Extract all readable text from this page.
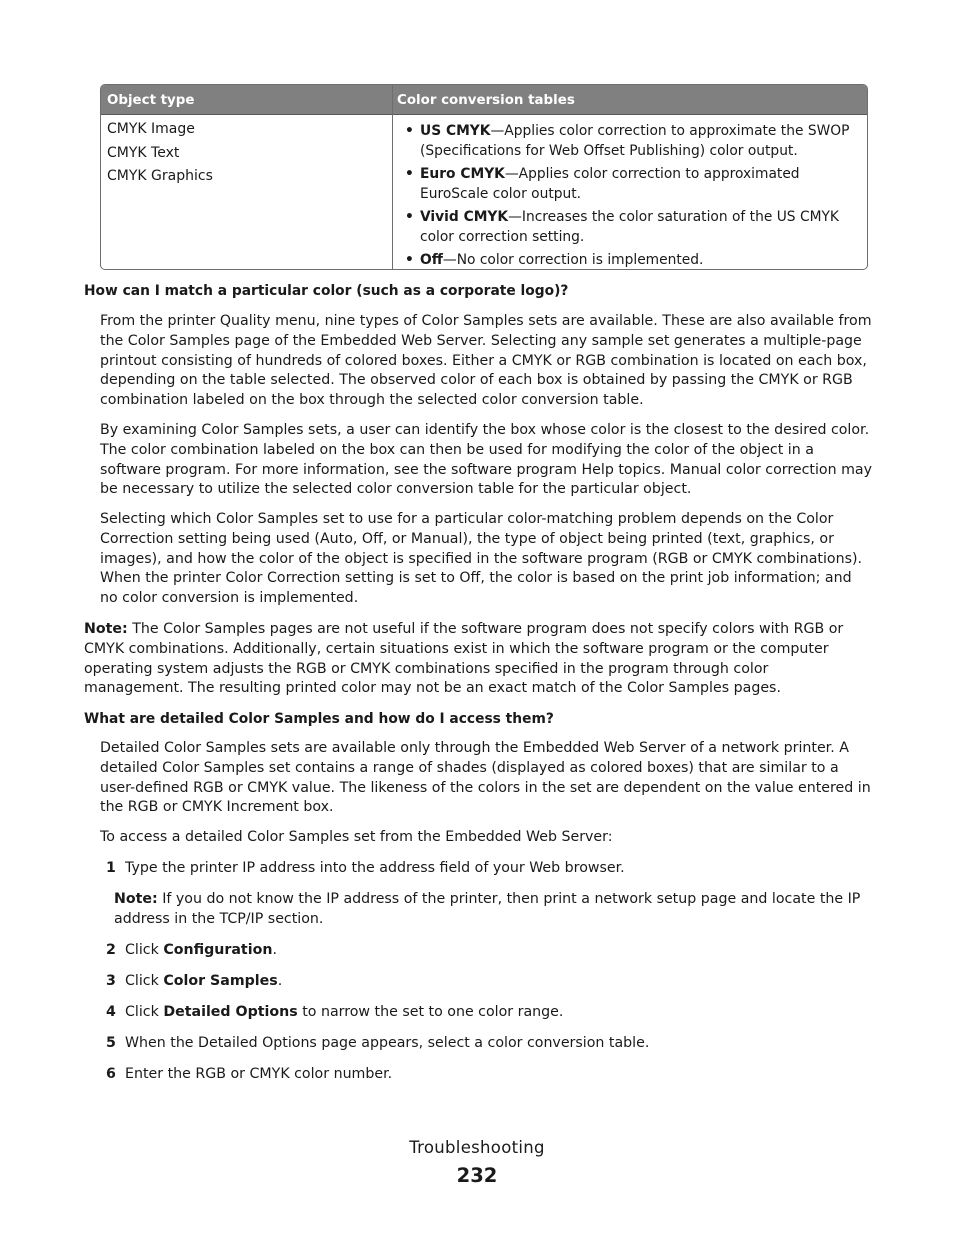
Object type	Color conversion tables
CMYK Image
CMYK Text
CMYK Graphics
• US CMYK—Applies color correction to approximate the SWOP (Specifications for Web Offset Publishing) color output.
• Euro CMYK—Applies color correction to approximated EuroScale color output.
• Vivid CMYK—Increases the color saturation of the US CMYK color correction setting.
• Off—No color correction is implemented.
How can I match a particular color (such as a corporate logo)?
From the printer Quality menu, nine types of Color Samples sets are available. These are also available from the Color Samples page of the Embedded Web Server. Selecting any sample set generates a multiple-page printout consisting of hundreds of colored boxes. Either a CMYK or RGB combination is located on each box, depending on the table selected. The observed color of each box is obtained by passing the CMYK or RGB combination labeled on the box through the selected color conversion table.
By examining Color Samples sets, a user can identify the box whose color is the closest to the desired color. The color combination labeled on the box can then be used for modifying the color of the object in a software program. For more information, see the software program Help topics. Manual color correction may be necessary to utilize the selected color conversion table for the particular object.
Selecting which Color Samples set to use for a particular color-matching problem depends on the Color Correction setting being used (Auto, Off, or Manual), the type of object being printed (text, graphics, or images), and how the color of the object is specified in the software program (RGB or CMYK combinations). When the printer Color Correction setting is set to Off, the color is based on the print job information; and no color conversion is implemented.
Note: The Color Samples pages are not useful if the software program does not specify colors with RGB or CMYK combinations. Additionally, certain situations exist in which the software program or the computer operating system adjusts the RGB or CMYK combinations specified in the program through color management. The resulting printed color may not be an exact match of the Color Samples pages.
What are detailed Color Samples and how do I access them?
Detailed Color Samples sets are available only through the Embedded Web Server of a network printer. A detailed Color Samples set contains a range of shades (displayed as colored boxes) that are similar to a user-defined RGB or CMYK value. The likeness of the colors in the set are dependent on the value entered in the RGB or CMYK Increment box.
To access a detailed Color Samples set from the Embedded Web Server:
1 Type the printer IP address into the address field of your Web browser.
Note: If you do not know the IP address of the printer, then print a network setup page and locate the IP address in the TCP/IP section.
2 Click Configuration.
3 Click Color Samples.
4 Click Detailed Options to narrow the set to one color range.
5 When the Detailed Options page appears, select a color conversion table.
6 Enter the RGB or CMYK color number.
Troubleshooting
232
